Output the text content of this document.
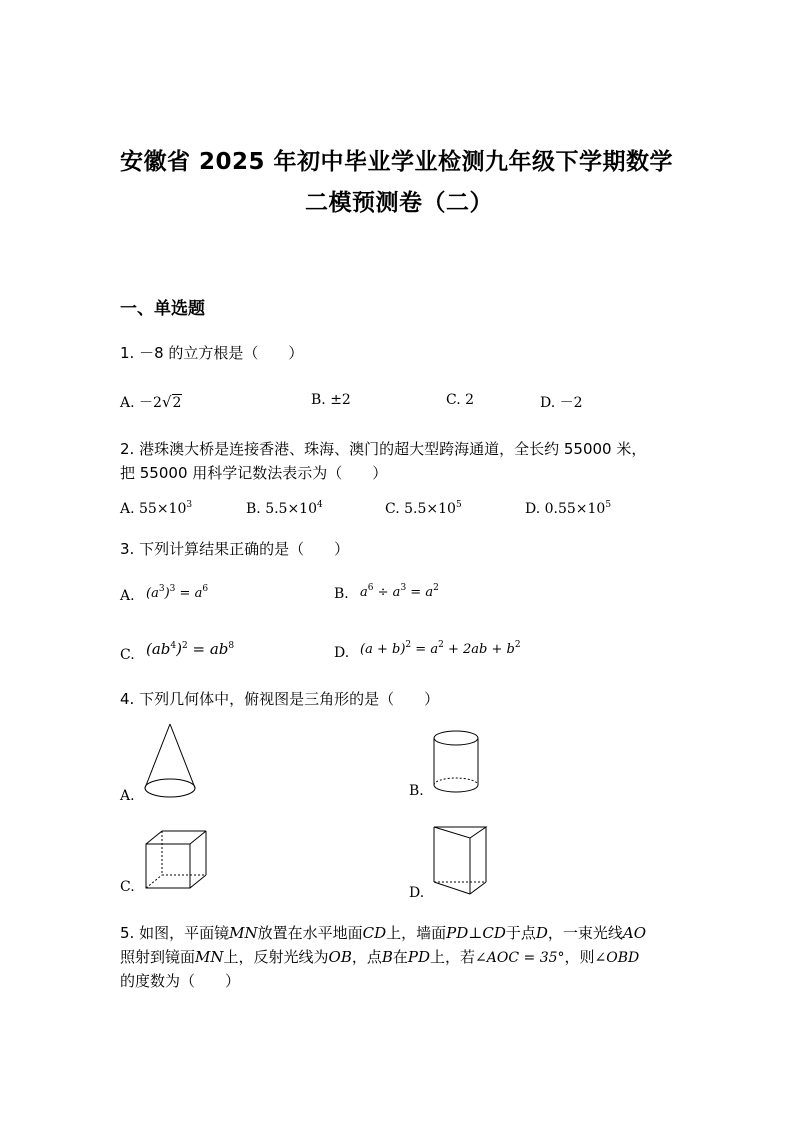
安徽省 2025 年初中毕业学业检测九年级下学期数学
二模预测卷（二）
一、单选题
1. －8 的立方根是（　　）
A. －2√2	B. ±2	C. 2	D. －2
2. 港珠澳大桥是连接香港、珠海、澳门的超大型跨海通道，全长约 55000 米，
把 55000 用科学记数法表示为（　　）
A. $55\times 10^3$	B. $5.5\times 10^4$	C. $5.5\times 10^5$	D. $0.55\times 10^5$
3. 下列计算结果正确的是（　　）
A. $(a^3)^3 = a^6$	B. $a^6 \div a^3 = a^2$
C. $(ab^4)^2 = ab^8$	D. $(a + b)^2 = a^2 + 2ab + b^2$
4. 下列几何体中，俯视图是三角形的是（　　）
A.	B.
C.	D.
5. 如图，平面镜MN放置在水平地面CD上，墙面PD⊥CD于点D，一束光线AO
照射到镜面MN上，反射光线为OB，点B在PD上，若∠AOC = 35°，则∠OBD
的度数为（　　）
